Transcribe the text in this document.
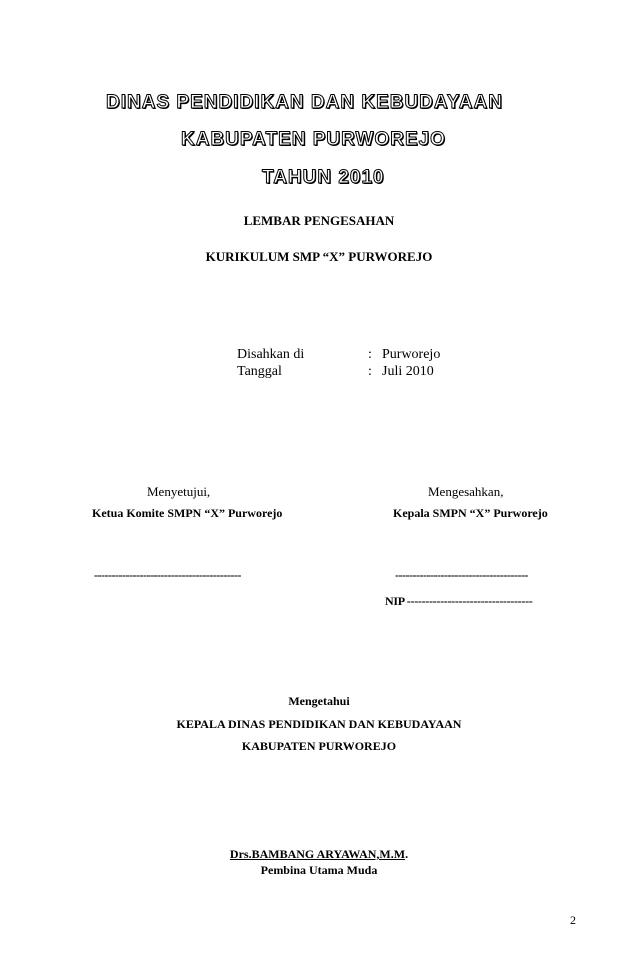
DINAS PENDIDIKAN DAN KEBUDAYAAN
KABUPATEN PURWOREJO
TAHUN 2010
LEMBAR PENGESAHAN
KURIKULUM SMP “X” PURWOREJO
Disahkan di	: Purworejo
Tanggal	: Juli 2010
Menyetujui,
Ketua Komite SMPN “X” Purworejo
------------------------------------------
Mengesahkan,
Kepala SMPN “X” Purworejo
--------------------------------------
NIP ----------------------------------
Mengetahui
KEPALA DINAS PENDIDIKAN DAN KEBUDAYAAN
KABUPATEN PURWOREJO
Drs.BAMBANG ARYAWAN,M.M.
Pembina Utama Muda
2
